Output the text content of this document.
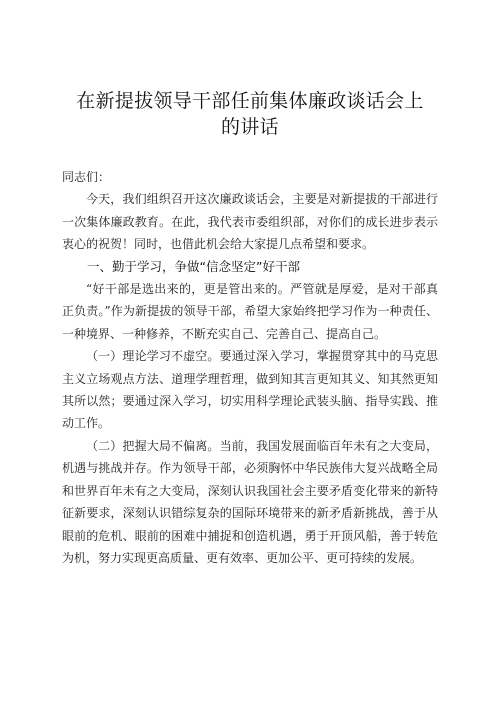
在新提拔领导干部任前集体廉政谈话会上的讲话

同志们：

今天，我们组织召开这次廉政谈话会，主要是对新提拔的干部进行一次集体廉政教育。在此，我代表市委组织部，对你们的成长进步表示衷心的祝贺！同时，也借此机会给大家提几点希望和要求。

一、勤于学习，争做“信念坚定”好干部

“好干部是选出来的，更是管出来的。严管就是厚爱，是对干部真正负责。”作为新提拔的领导干部，希望大家始终把学习作为一种责任、一种境界、一种修养，不断充实自己、完善自己、提高自己。

（一）理论学习不虚空。要通过深入学习，掌握贯穿其中的马克思主义立场观点方法、道理学理哲理，做到知其言更知其义、知其然更知其所以然；要通过深入学习，切实用科学理论武装头脑、指导实践、推动工作。

（二）把握大局不偏离。当前，我国发展面临百年未有之大变局，机遇与挑战并存。作为领导干部，必须胸怀中华民族伟大复兴战略全局和世界百年未有之大变局，深刻认识我国社会主要矛盾变化带来的新特征新要求，深刻认识错综复杂的国际环境带来的新矛盾新挑战，善于从眼前的危机、眼前的困难中捕捉和创造机遇，勇于开顶风船，善于转危为机，努力实现更高质量、更有效率、更加公平、更可持续的发展。
